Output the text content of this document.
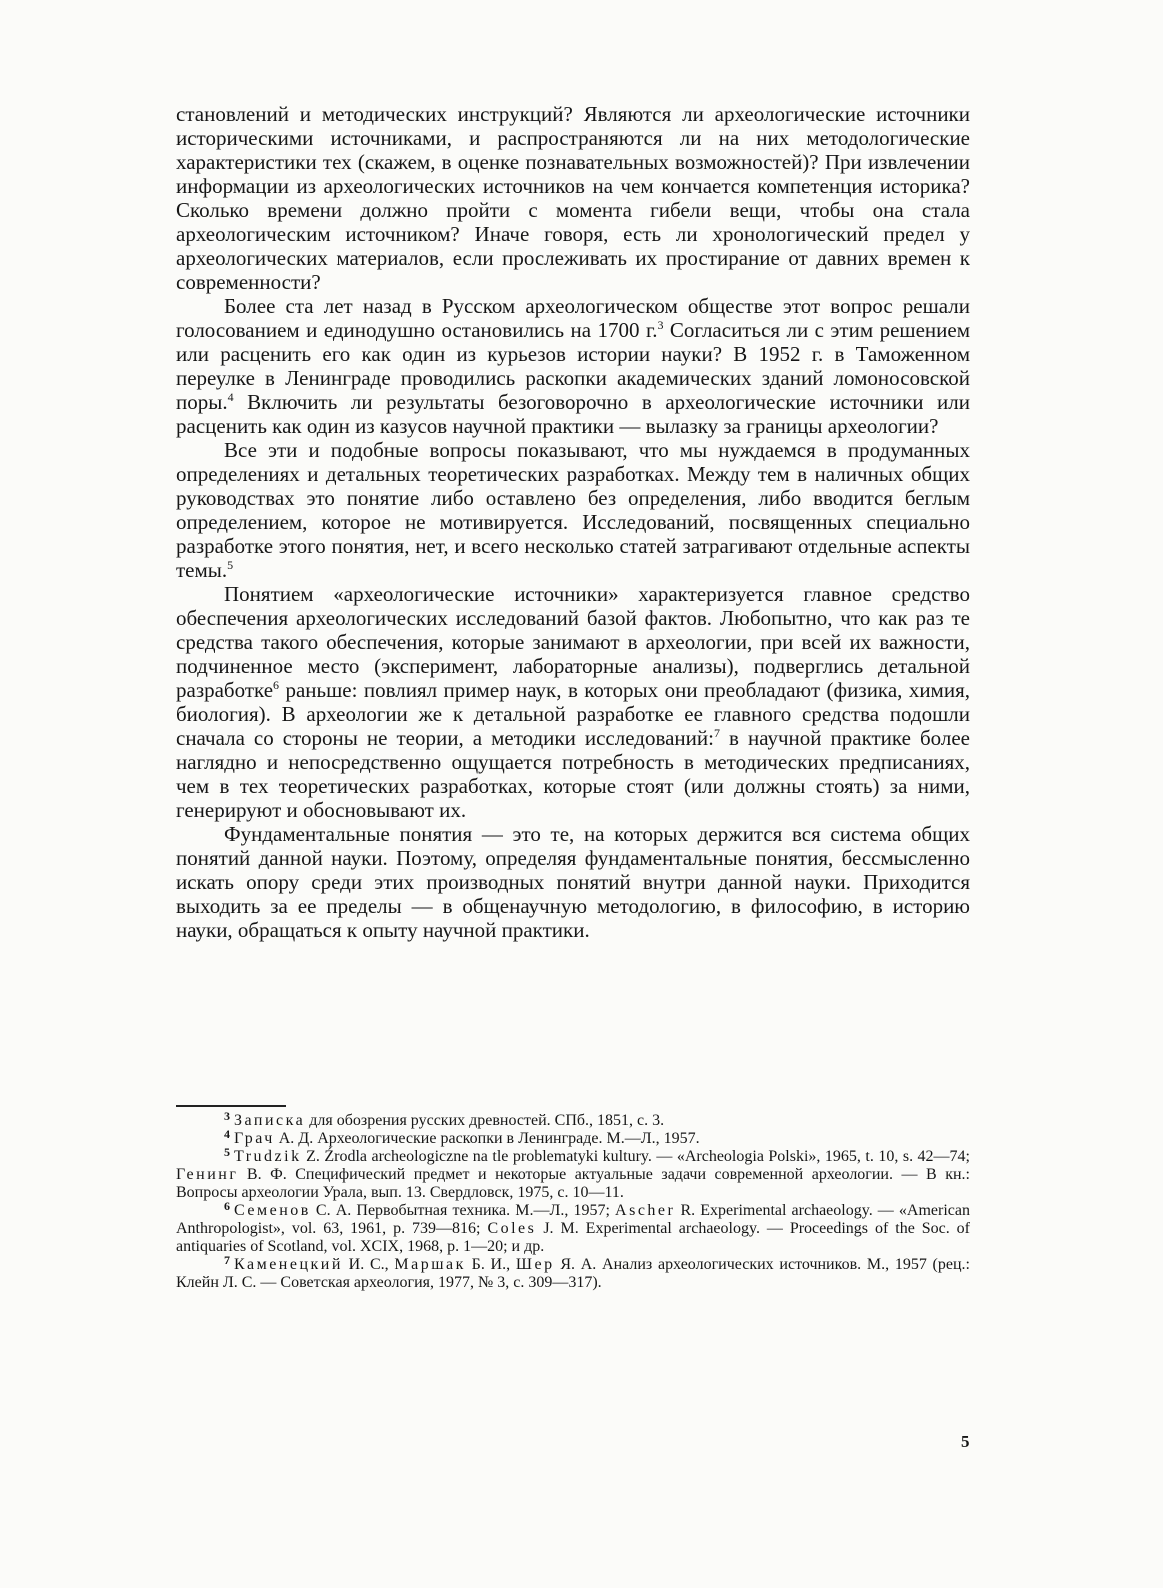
становлений и методических инструкций? Являются ли археологические источники историческими источниками, и распространяются ли на них методологические характеристики тех (скажем, в оценке познавательных возможностей)? При извлечении информации из археологических источников на чем кончается компетенция историка? Сколько времени должно пройти с момента гибели вещи, чтобы она стала археологическим источником? Иначе говоря, есть ли хронологический предел у археологических материалов, если прослеживать их простирание от давних времен к современности?

Более ста лет назад в Русском археологическом обществе этот вопрос решали голосованием и единодушно остановились на 1700 г.$^3$ Согласиться ли с этим решением или расценить его как один из курьезов истории науки? В 1952 г. в Таможенном переулке в Ленинграде проводились раскопки академических зданий ломоносовской поры.$^4$ Включить ли результаты безоговорочно в археологические источники или расценить как один из казусов научной практики — вылазку за границы археологии?

Все эти и подобные вопросы показывают, что мы нуждаемся в продуманных определениях и детальных теоретических разработках. Между тем в наличных общих руководствах это понятие либо оставлено без определения, либо вводится беглым определением, которое не мотивируется. Исследований, посвященных специально разработке этого понятия, нет, и всего несколько статей затрагивают отдельные аспекты темы.$^5$

Понятием «археологические источники» характеризуется главное средство обеспечения археологических исследований базой фактов. Любопытно, что как раз те средства такого обеспечения, которые занимают в археологии, при всей их важности, подчиненное место (эксперимент, лабораторные анализы), подверглись детальной разработке$^6$ раньше: повлиял пример наук, в которых они преобладают (физика, химия, биология). В археологии же к детальной разработке ее главного средства подошли сначала со стороны не теории, а методики исследований:$^7$ в научной практике более наглядно и непосредственно ощущается потребность в методических предписаниях, чем в тех теоретических разработках, которые стоят (или должны стоять) за ними, генерируют и обосновывают их.

Фундаментальные понятия — это те, на которых держится вся система общих понятий данной науки. Поэтому, определяя фундаментальные понятия, бессмысленно искать опору среди этих производных понятий внутри данной науки. Приходится выходить за ее пределы — в общенаучную методологию, в философию, в историю науки, обращаться к опыту научной практики.

$^3$ Записка для обозрения русских древностей. СПб., 1851, с. 3.

$^4$ Грач А. Д. Археологические раскопки в Ленинграде. М.—Л., 1957.

$^5$ Trudzik Z. Źrodla archeologiczne na tle problematyki kultury. — «Archeologia Polski», 1965, t. 10, s. 42—74; Генинг В. Ф. Специфический предмет и некоторые актуальные задачи современной археологии. — В кн.: Вопросы археологии Урала, вып. 13. Свердловск, 1975, с. 10—11.

$^6$ Семенов С. А. Первобытная техника. М.—Л., 1957; Ascher R. Experimental archaeology. — «American Anthropologist», vol. 63, 1961, p. 739—816; Coles J. M. Experimental archaeology. — Proceedings of the Soc. of antiquaries of Scotland, vol. XCIX, 1968, p. 1—20; и др.

$^7$ Каменецкий И. С., Маршак Б. И., Шер Я. А. Анализ археологических источников. М., 1957 (рец.: Клейн Л. С. — Советская археология, 1977, № 3, с. 309—317).

5
